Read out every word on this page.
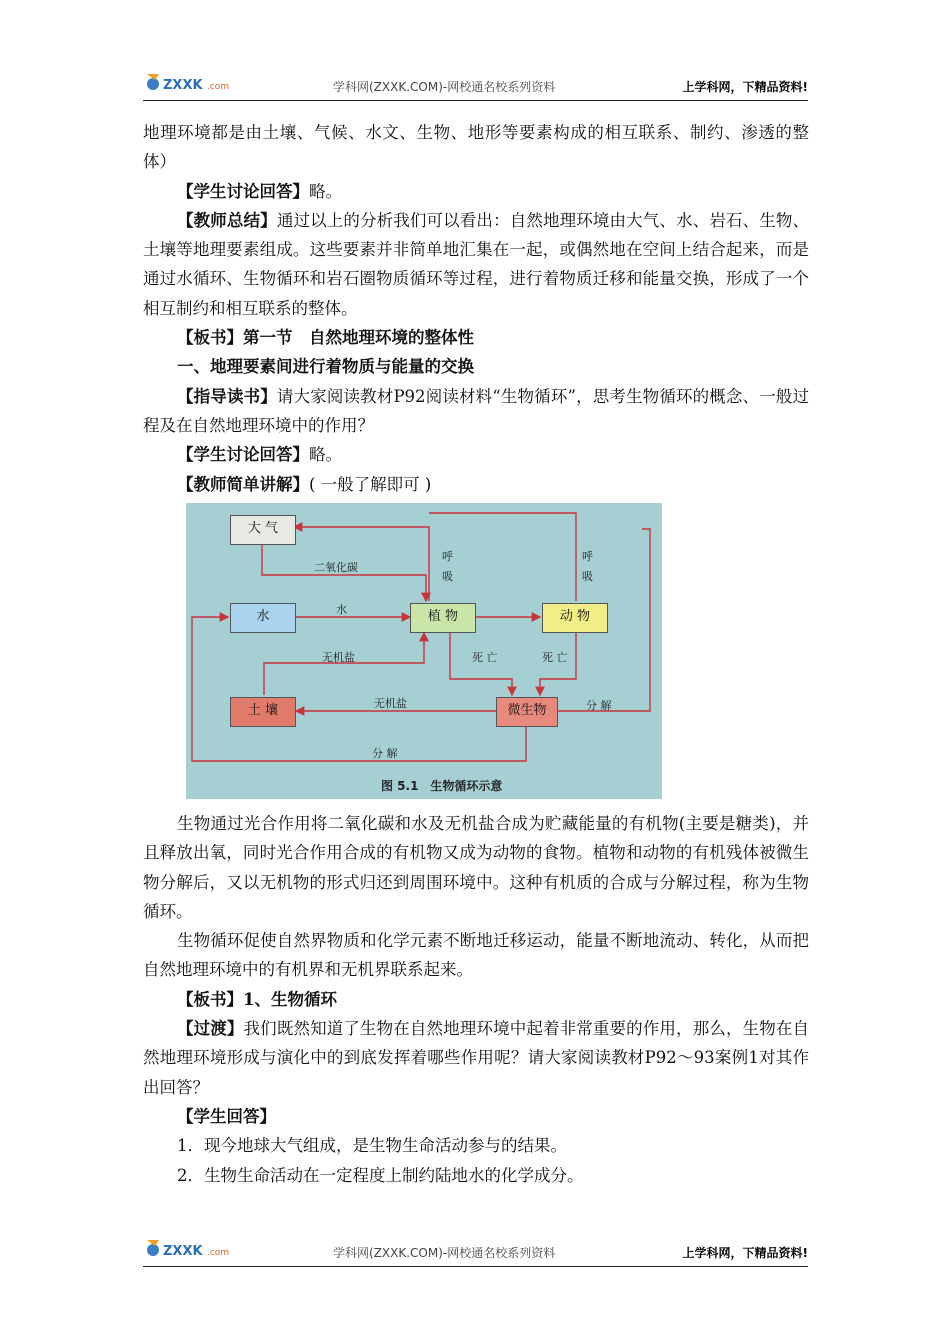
ZXXK .com	学科网(ZXXK.COM)-网校通名校系列资料	上学科网，下精品资料!

地理环境都是由土壤、气候、水文、生物、地形等要素构成的相互联系、制约、渗透的整体）

【学生讨论回答】略。

【教师总结】通过以上的分析我们可以看出：自然地理环境由大气、水、岩石、生物、土壤等地理要素组成。这些要素并非简单地汇集在一起，或偶然地在空间上结合起来，而是通过水循环、生物循环和岩石圈物质循环等过程，进行着物质迁移和能量交换，形成了一个相互制约和相互联系的整体。

【板书】第一节　自然地理环境的整体性

一、地理要素间进行着物质与能量的交换

【指导读书】请大家阅读教材P92阅读材料“生物循环”，思考生物循环的概念、一般过程及在自然地理环境中的作用？

【学生讨论回答】略。

【教师简单讲解】( 一般了解即可 )

大 气
水	植 物	动 物
土 壤	微生物
二氧化碳
水
呼吸
呼吸
无机盐
无机盐
死 亡	死 亡
分 解
分 解
图 5.1　生物循环示意

生物通过光合作用将二氧化碳和水及无机盐合成为贮藏能量的有机物(主要是糖类)，并且释放出氧，同时光合作用合成的有机物又成为动物的食物。植物和动物的有机残体被微生物分解后，又以无机物的形式归还到周围环境中。这种有机质的合成与分解过程，称为生物循环。

生物循环促使自然界物质和化学元素不断地迁移运动，能量不断地流动、转化，从而把自然地理环境中的有机界和无机界联系起来。

【板书】1、生物循环

【过渡】我们既然知道了生物在自然地理环境中起着非常重要的作用，那么，生物在自然地理环境形成与演化中的到底发挥着哪些作用呢？请大家阅读教材P92～93案例1对其作出回答？

【学生回答】

1．现今地球大气组成，是生物生命活动参与的结果。

2．生物生命活动在一定程度上制约陆地水的化学成分。

ZXXK .com	学科网(ZXXK.COM)-网校通名校系列资料	上学科网，下精品资料!
